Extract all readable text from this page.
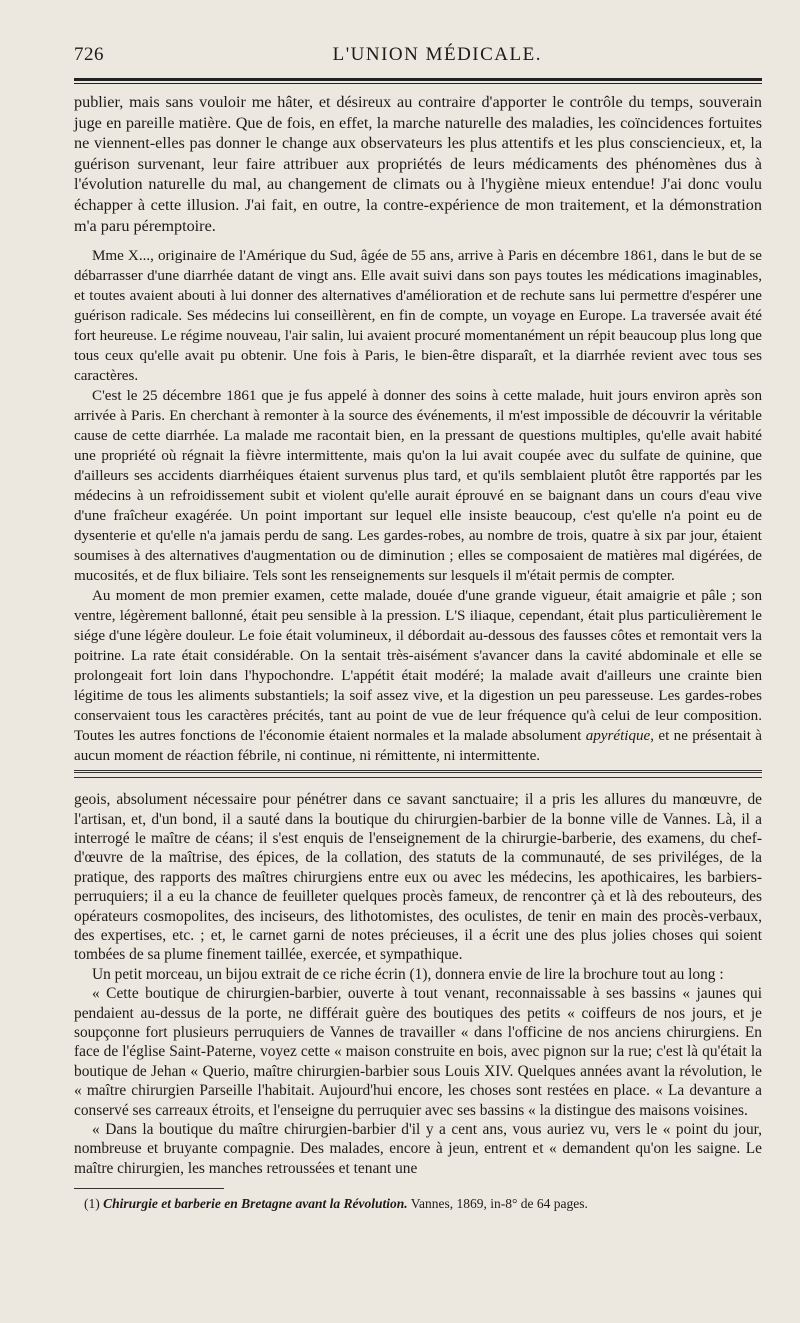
726	L'UNION MÉDICALE.

publier, mais sans vouloir me hâter, et désireux au contraire d'apporter le contrôle du temps, souverain juge en pareille matière. Que de fois, en effet, la marche naturelle des maladies, les coïncidences fortuites ne viennent-elles pas donner le change aux observateurs les plus attentifs et les plus consciencieux, et, la guérison survenant, leur faire attribuer aux propriétés de leurs médicaments des phénomènes dus à l'évolution naturelle du mal, au changement de climats ou à l'hygiène mieux entendue! J'ai donc voulu échapper à cette illusion. J'ai fait, en outre, la contre-expérience de mon traitement, et la démonstration m'a paru péremptoire.

Mme X..., originaire de l'Amérique du Sud, âgée de 55 ans, arrive à Paris en décembre 1861, dans le but de se débarrasser d'une diarrhée datant de vingt ans. Elle avait suivi dans son pays toutes les médications imaginables, et toutes avaient abouti à lui donner des alternatives d'amélioration et de rechute sans lui permettre d'espérer une guérison radicale. Ses médecins lui conseillèrent, en fin de compte, un voyage en Europe. La traversée avait été fort heureuse. Le régime nouveau, l'air salin, lui avaient procuré momentanément un répit beaucoup plus long que tous ceux qu'elle avait pu obtenir. Une fois à Paris, le bien-être disparaît, et la diarrhée revient avec tous ses caractères.

C'est le 25 décembre 1861 que je fus appelé à donner des soins à cette malade, huit jours environ après son arrivée à Paris. En cherchant à remonter à la source des événements, il m'est impossible de découvrir la véritable cause de cette diarrhée. La malade me racontait bien, en la pressant de questions multiples, qu'elle avait habité une propriété où régnait la fièvre intermittente, mais qu'on la lui avait coupée avec du sulfate de quinine, que d'ailleurs ses accidents diarrhéiques étaient survenus plus tard, et qu'ils semblaient plutôt être rapportés par les médecins à un refroidissement subit et violent qu'elle aurait éprouvé en se baignant dans un cours d'eau vive d'une fraîcheur exagérée. Un point important sur lequel elle insiste beaucoup, c'est qu'elle n'a point eu de dysenterie et qu'elle n'a jamais perdu de sang. Les gardes-robes, au nombre de trois, quatre à six par jour, étaient soumises à des alternatives d'augmentation ou de diminution ; elles se composaient de matières mal digérées, de mucosités, et de flux biliaire. Tels sont les renseignements sur lesquels il m'était permis de compter.

Au moment de mon premier examen, cette malade, douée d'une grande vigueur, était amaigrie et pâle ; son ventre, légèrement ballonné, était peu sensible à la pression. L'S iliaque, cependant, était plus particulièrement le siége d'une légère douleur. Le foie était volumineux, il débordait au-dessous des fausses côtes et remontait vers la poitrine. La rate était considérable. On la sentait très-aisément s'avancer dans la cavité abdominale et elle se prolongeait fort loin dans l'hypochondre. L'appétit était modéré; la malade avait d'ailleurs une crainte bien légitime de tous les aliments substantiels; la soif assez vive, et la digestion un peu paresseuse. Les gardes-robes conservaient tous les caractères précités, tant au point de vue de leur fréquence qu'à celui de leur composition. Toutes les autres fonctions de l'économie étaient normales et la malade absolument apyrétique, et ne présentait à aucun moment de réaction fébrile, ni continue, ni rémittente, ni intermittente.

geois, absolument nécessaire pour pénétrer dans ce savant sanctuaire; il a pris les allures du manœuvre, de l'artisan, et, d'un bond, il a sauté dans la boutique du chirurgien-barbier de la bonne ville de Vannes. Là, il a interrogé le maître de céans; il s'est enquis de l'enseignement de la chirurgie-barberie, des examens, du chef-d'œuvre de la maîtrise, des épices, de la collation, des statuts de la communauté, de ses priviléges, de la pratique, des rapports des maîtres chirurgiens entre eux ou avec les médecins, les apothicaires, les barbiers-perruquiers; il a eu la chance de feuilleter quelques procès fameux, de rencontrer çà et là des rebouteurs, des opérateurs cosmopolites, des inciseurs, des lithotomistes, des oculistes, de tenir en main des procès-verbaux, des expertises, etc. ; et, le carnet garni de notes précieuses, il a écrit une des plus jolies choses qui soient tombées de sa plume finement taillée, exercée, et sympathique.

Un petit morceau, un bijou extrait de ce riche écrin (1), donnera envie de lire la brochure tout au long :

« Cette boutique de chirurgien-barbier, ouverte à tout venant, reconnaissable à ses bassins « jaunes qui pendaient au-dessus de la porte, ne différait guère des boutiques des petits « coiffeurs de nos jours, et je soupçonne fort plusieurs perruquiers de Vannes de travailler « dans l'officine de nos anciens chirurgiens. En face de l'église Saint-Paterne, voyez cette « maison construite en bois, avec pignon sur la rue; c'est là qu'était la boutique de Jehan « Querio, maître chirurgien-barbier sous Louis XIV. Quelques années avant la révolution, le « maître chirurgien Parseille l'habitait. Aujourd'hui encore, les choses sont restées en place. « La devanture a conservé ses carreaux étroits, et l'enseigne du perruquier avec ses bassins « la distingue des maisons voisines.

« Dans la boutique du maître chirurgien-barbier d'il y a cent ans, vous auriez vu, vers le « point du jour, nombreuse et bruyante compagnie. Des malades, encore à jeun, entrent et « demandent qu'on les saigne. Le maître chirurgien, les manches retroussées et tenant une

(1) Chirurgie et barberie en Bretagne avant la Révolution. Vannes, 1869, in-8° de 64 pages.
